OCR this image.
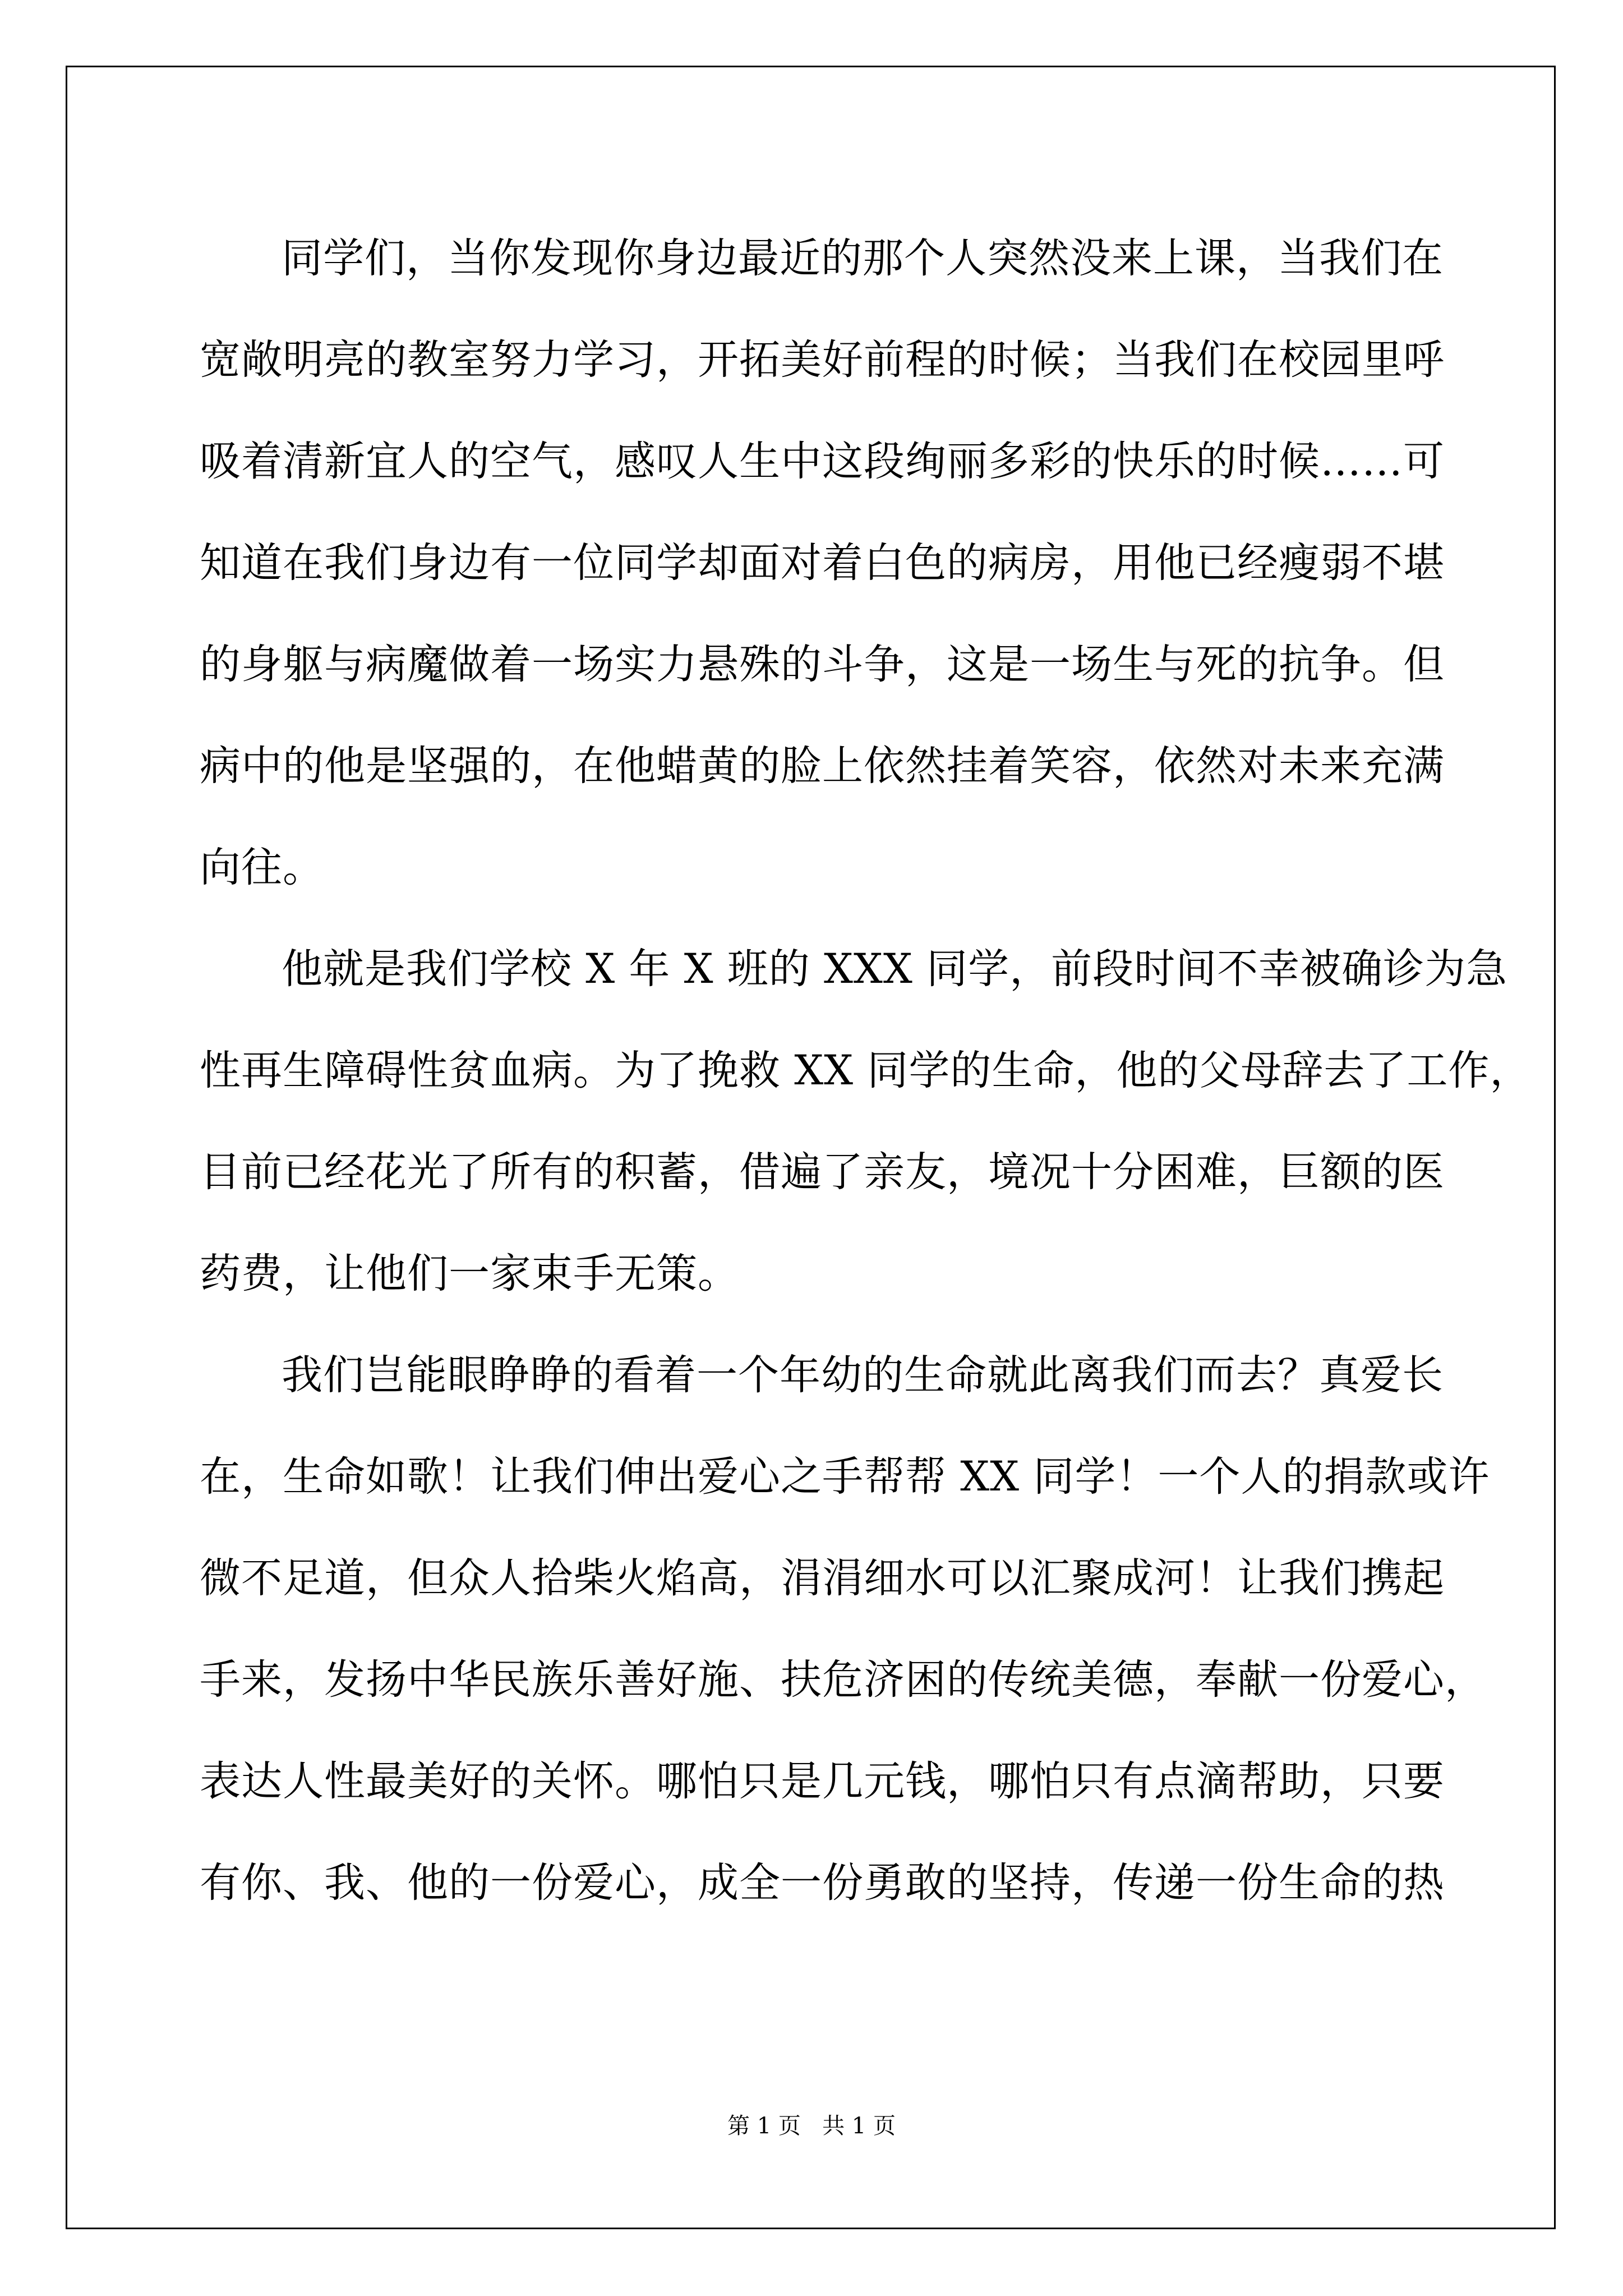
同学们，当你发现你身边最近的那个人突然没来上课，当我们在
宽敞明亮的教室努力学习，开拓美好前程的时候；当我们在校园里呼
吸着清新宜人的空气，感叹人生中这段绚丽多彩的快乐的时候……可
知道在我们身边有一位同学却面对着白色的病房，用他已经瘦弱不堪
的身躯与病魔做着一场实力悬殊的斗争，这是一场生与死的抗争。但
病中的他是坚强的，在他蜡黄的脸上依然挂着笑容，依然对未来充满
向往。
他就是我们学校 X 年 X 班的 XXX 同学，前段时间不幸被确诊为急
性再生障碍性贫血病。为了挽救 XX 同学的生命，他的父母辞去了工作，
目前已经花光了所有的积蓄，借遍了亲友，境况十分困难，巨额的医
药费，让他们一家束手无策。
我们岂能眼睁睁的看着一个年幼的生命就此离我们而去？真爱长
在，生命如歌！让我们伸出爱心之手帮帮 XX 同学！一个人的捐款或许
微不足道，但众人拾柴火焰高，涓涓细水可以汇聚成河！让我们携起
手来，发扬中华民族乐善好施、扶危济困的传统美德，奉献一份爱心，
表达人性最美好的关怀。哪怕只是几元钱，哪怕只有点滴帮助，只要
有你、我、他的一份爱心，成全一份勇敢的坚持，传递一份生命的热
第 1 页   共 1 页
